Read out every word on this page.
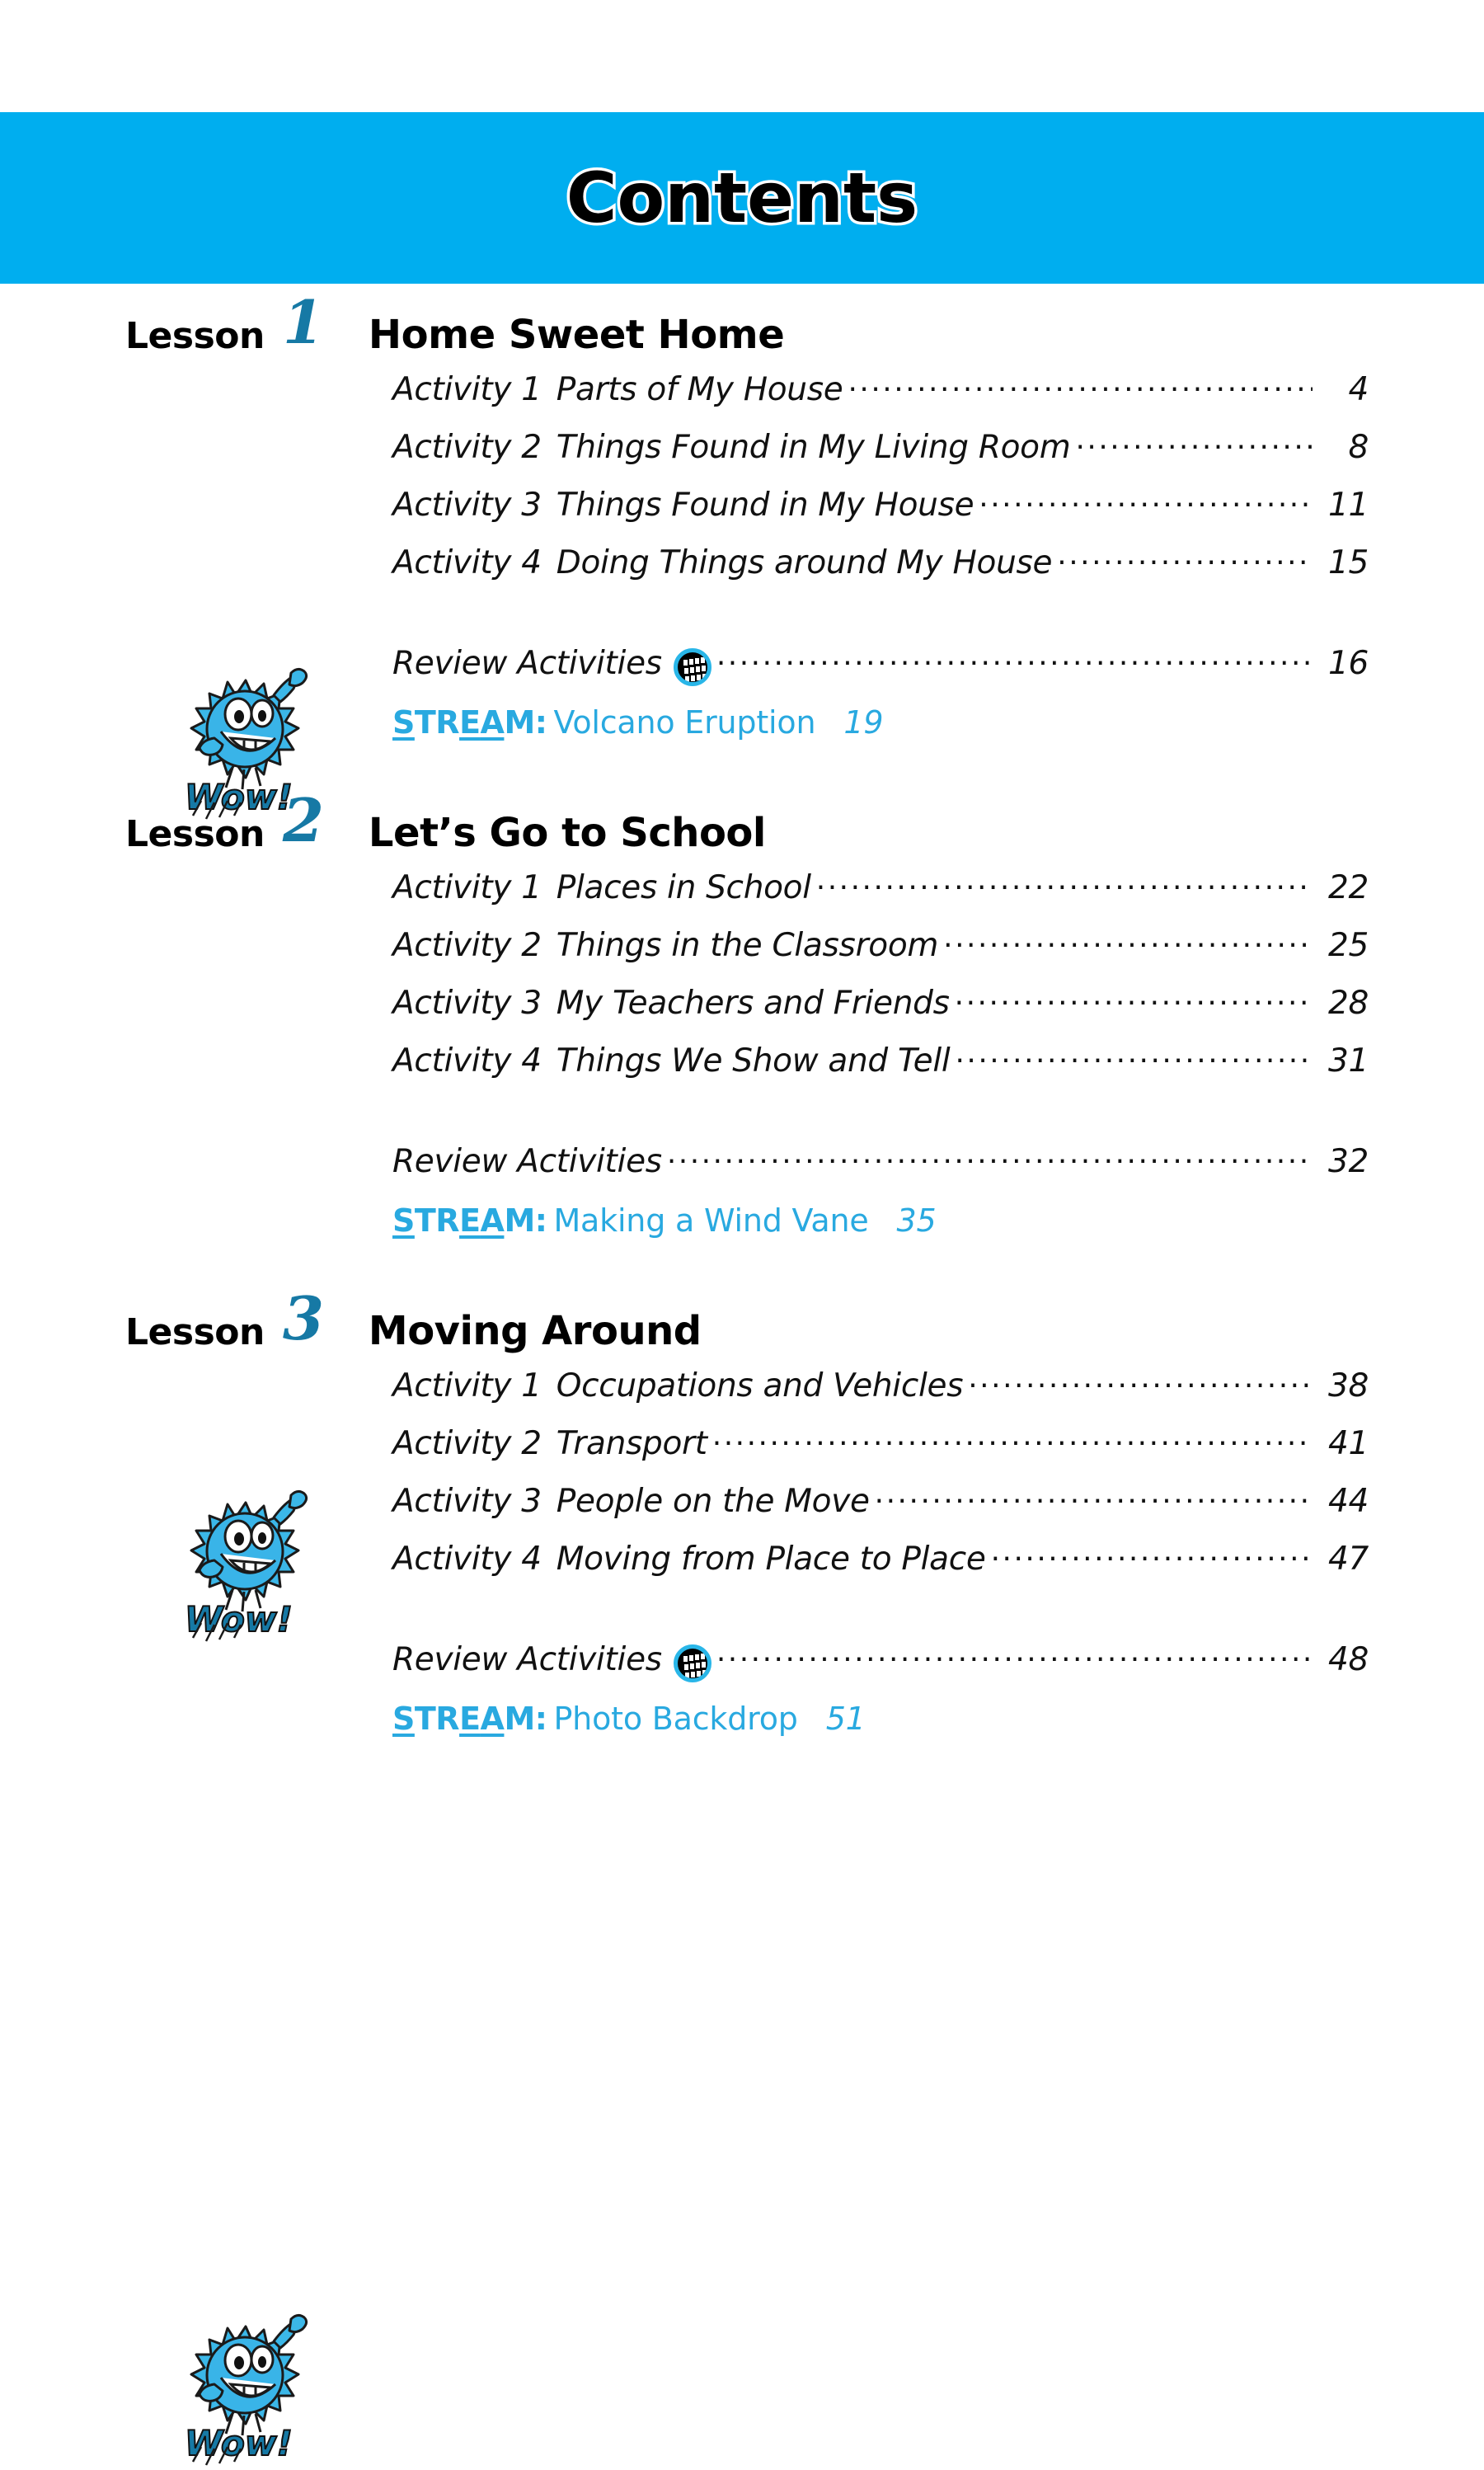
Contents
Wow!
Lesson 1 Home Sweet Home
Activity 1 Parts of My House .....	4
Activity 2 Things Found in My Living Room .....	8
Activity 3 Things Found in My House .....	11
Activity 4 Doing Things around My House .....	15
Review Activities .....	16
STREAM: Volcano Eruption 19
Wow!
Lesson 2 Let’s Go to School
Activity 1 Places in School .....	22
Activity 2 Things in the Classroom .....	25
Activity 3 My Teachers and Friends .....	28
Activity 4 Things We Show and Tell .....	31
Review Activities .....	32
STREAM: Making a Wind Vane 35
Wow!
Lesson 3 Moving Around
Activity 1 Occupations and Vehicles .....	38
Activity 2 Transport .....	41
Activity 3 People on the Move .....	44
Activity 4 Moving from Place to Place .....	47
Review Activities .....	48
STREAM: Photo Backdrop 51
